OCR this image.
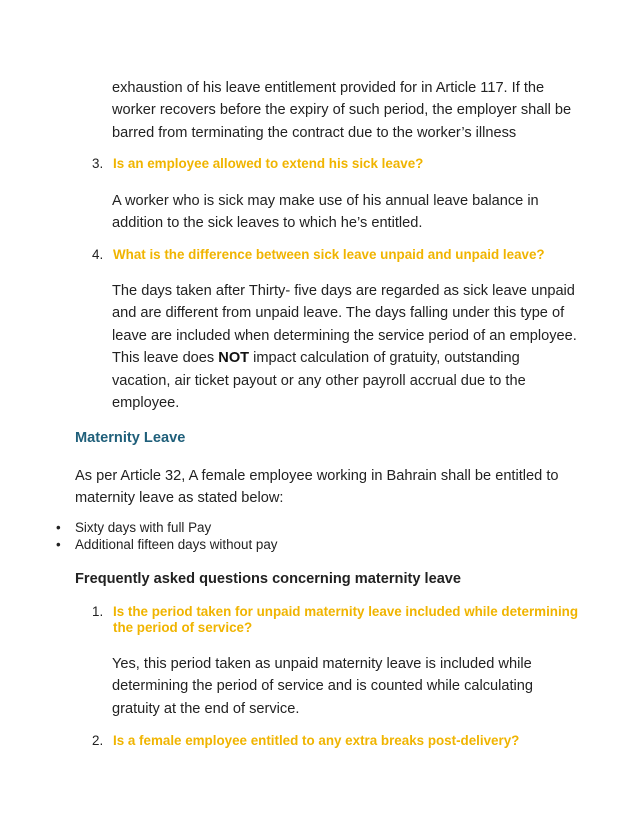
exhaustion of his leave entitlement provided for in Article 117. If the worker recovers before the expiry of such period, the employer shall be barred from terminating the contract due to the worker’s illness

3. Is an employee allowed to extend his sick leave?

A worker who is sick may make use of his annual leave balance in addition to the sick leaves to which he’s entitled.

4. What is the difference between sick leave unpaid and unpaid leave?

The days taken after Thirty- five days are regarded as sick leave unpaid and are different from unpaid leave. The days falling under this type of leave are included when determining the service period of an employee. This leave does NOT impact calculation of gratuity, outstanding vacation, air ticket payout or any other payroll accrual due to the employee.

Maternity Leave

As per Article 32, A female employee working in Bahrain shall be entitled to maternity leave as stated below:

• Sixty days with full Pay
• Additional fifteen days without pay
Frequently asked questions concerning maternity leave
1. Is the period taken for unpaid maternity leave included while determining the period of service?

Yes, this period taken as unpaid maternity leave is included while determining the period of service and is counted while calculating gratuity at the end of service.

2. Is a female employee entitled to any extra breaks post-delivery?
